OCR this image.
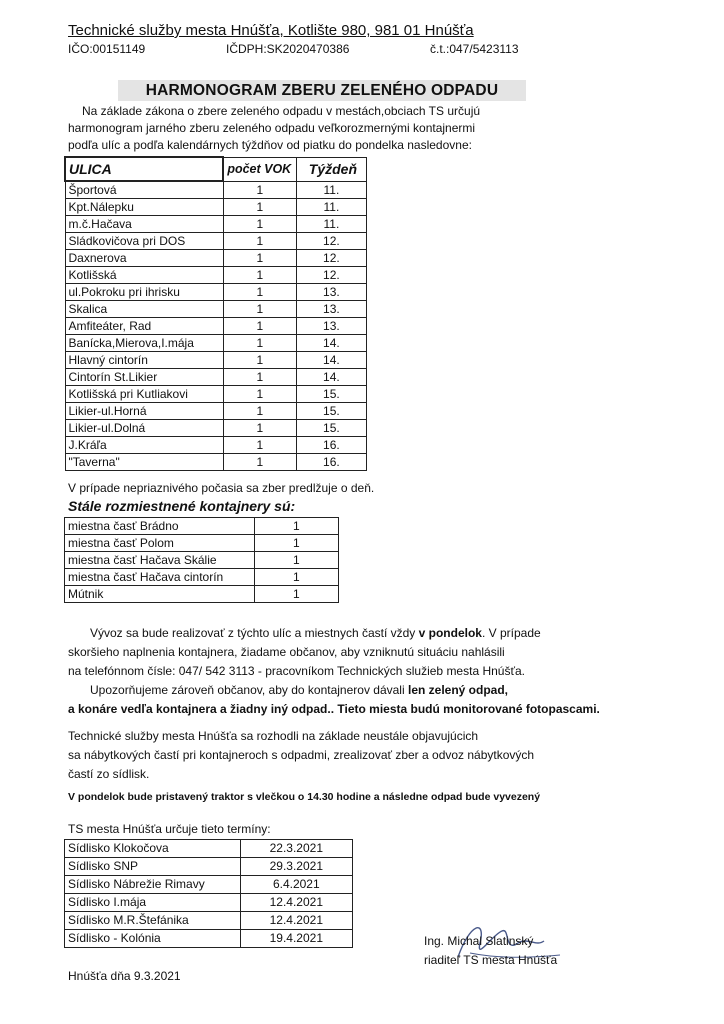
Technické služby mesta Hnúšťa, Kotlište 980, 981 01 Hnúšťa
IČO:00151149	IČDPH:SK2020470386	č.t.:047/5423113
HARMONOGRAM ZBERU ZELENÉHO ODPADU
Na základe zákona o zbere zeleného odpadu v mestách,obciach TS určujú
harmonogram jarného zberu zeleného odpadu veľkorozmernými kontajnermi
podľa ulíc a podľa kalendárnych týždňov od piatku do pondelka nasledovne:
ULICA	počet VOK	Týždeň
Športová	1	11.
Kpt.Nálepku	1	11.
m.č.Hačava	1	11.
Sládkovičova pri DOS	1	12.
Daxnerova	1	12.
Kotlišská	1	12.
ul.Pokroku pri ihrisku	1	13.
Skalica	1	13.
Amfiteáter, Rad	1	13.
Banícka,Mierova,I.mája	1	14.
Hlavný cintorín	1	14.
Cintorín St.Likier	1	14.
Kotlišská pri Kutliakovi	1	15.
Likier-ul.Horná	1	15.
Likier-ul.Dolná	1	15.
J.Kráľa	1	16.
"Taverna"	1	16.
V prípade nepriaznivého počasia sa zber predlžuje o deň.
Stále rozmiestnené kontajnery sú:
miestna časť Brádno	1
miestna časť Polom	1
miestna časť Hačava Skálie	1
miestna časť Hačava cintorín	1
Mútnik	1
Vývoz sa bude realizovať z týchto ulíc a miestnych častí vždy v pondelok. V prípade
skoršieho naplnenia kontajnera, žiadame občanov, aby vzniknutú situáciu nahlásili
na telefónnom čísle: 047/ 542 3113 - pracovníkom Technických služieb mesta Hnúšťa.
Upozorňujeme zároveň občanov, aby do kontajnerov dávali len zelený odpad,
a konáre vedľa kontajnera a žiadny iný odpad.. Tieto miesta budú monitorované fotopascami.
Technické služby mesta Hnúšťa sa rozhodli na základe neustále objavujúcich
sa nábytkových častí pri kontajneroch s odpadmi, zrealizovať zber a odvoz nábytkových
častí zo sídlisk.
V pondelok bude pristavený traktor s vlečkou o 14.30 hodine a následne odpad bude vyvezený
TS mesta Hnúšťa určuje tieto termíny:
Sídlisko Klokočova	22.3.2021
Sídlisko SNP	29.3.2021
Sídlisko Nábrežie Rimavy	6.4.2021
Sídlisko I.mája	12.4.2021
Sídlisko M.R.Štefánika	12.4.2021
Sídlisko - Kolónia	19.4.2021	Ing. Michal Slatinský
riaditeľ TS mesta Hnúšťa
Hnúšťa dňa 9.3.2021
